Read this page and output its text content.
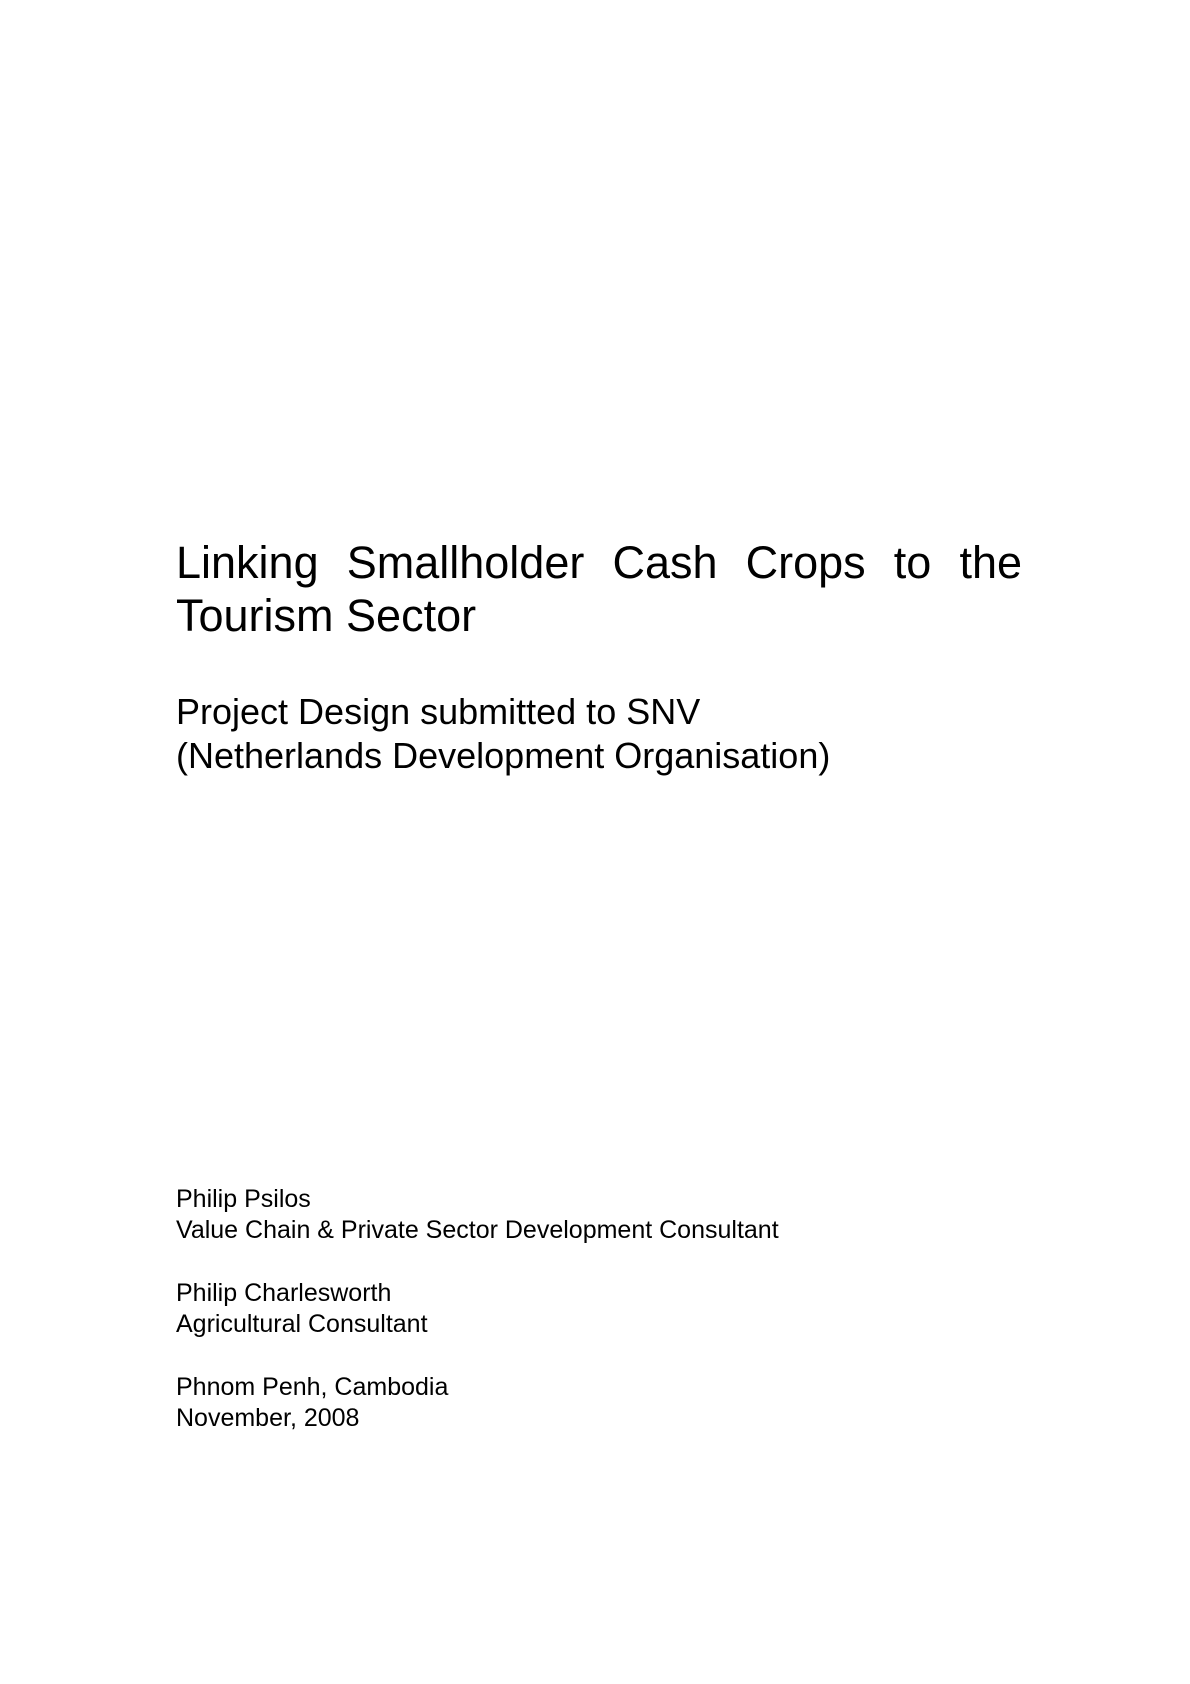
Linking Smallholder Cash Crops to the
Tourism Sector
Project Design submitted to SNV
(Netherlands Development Organisation)
Philip Psilos
Value Chain & Private Sector Development Consultant
Philip Charlesworth
Agricultural Consultant
Phnom Penh, Cambodia
November, 2008
